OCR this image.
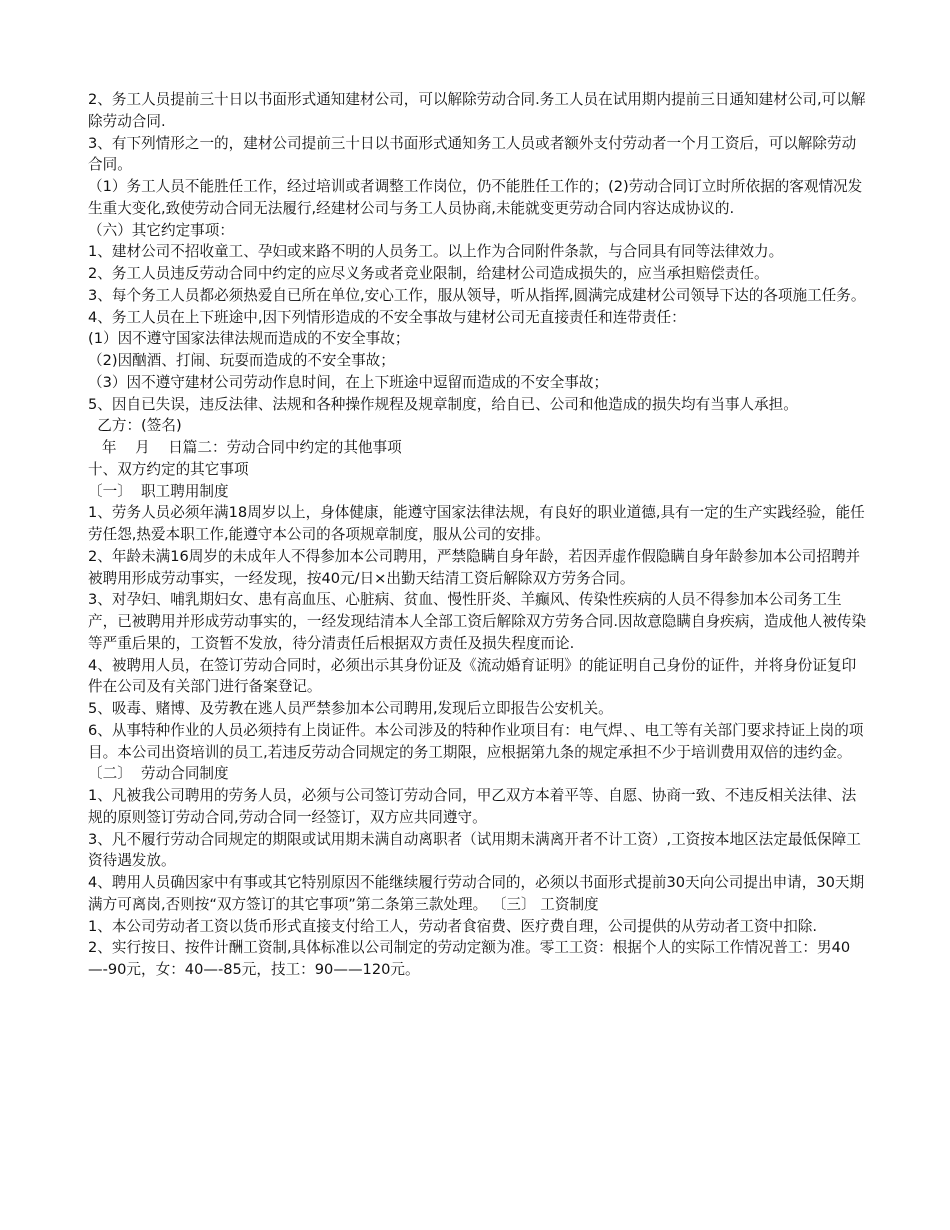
2、务工人员提前三十日以书面形式通知建材公司，可以解除劳动合同.务工人员在试用期内提前三日通知建材公司,可以解除劳动合同.

3、有下列情形之一的，建材公司提前三十日以书面形式通知务工人员或者额外支付劳动者一个月工资后，可以解除劳动合同。

（1）务工人员不能胜任工作，经过培训或者调整工作岗位，仍不能胜任工作的；(2)劳动合同订立时所依据的客观情况发生重大变化,致使劳动合同无法履行,经建材公司与务工人员协商,未能就变更劳动合同内容达成协议的.

（六）其它约定事项：

1、建材公司不招收童工、孕妇或来路不明的人员务工。以上作为合同附件条款，与合同具有同等法律效力。

2、务工人员违反劳动合同中约定的应尽义务或者竞业限制，给建材公司造成损失的，应当承担赔偿责任。

3、每个务工人员都必须热爱自已所在单位,安心工作，服从领导，听从指挥,圆满完成建材公司领导下达的各项施工任务。

4、务工人员在上下班途中,因下列情形造成的不安全事故与建材公司无直接责任和连带责任：

(1）因不遵守国家法律法规而造成的不安全事故；

（2)因酗酒、打闹、玩耍而造成的不安全事故；

（3）因不遵守建材公司劳动作息时间，在上下班途中逗留而造成的不安全事故；

5、因自已失误，违反法律、法规和各种操作规程及规章制度，给自已、公司和他造成的损失均有当事人承担。

乙方：(签名)

年    月    日篇二：劳动合同中约定的其他事项

十、双方约定的其它事项

〔一〕  职工聘用制度

1、劳务人员必须年满18周岁以上，身体健康，能遵守国家法律法规，有良好的职业道德,具有一定的生产实践经验，能任劳任怨,热爱本职工作,能遵守本公司的各项规章制度，服从公司的安排。

2、年龄未满16周岁的未成年人不得参加本公司聘用，严禁隐瞒自身年龄，若因弄虚作假隐瞒自身年龄参加本公司招聘并被聘用形成劳动事实，一经发现，按40元/日×出勤天结清工资后解除双方劳务合同。

3、对孕妇、哺乳期妇女、患有高血压、心脏病、贫血、慢性肝炎、羊癫风、传染性疾病的人员不得参加本公司务工生产，已被聘用并形成劳动事实的，一经发现结清本人全部工资后解除双方劳务合同.因故意隐瞒自身疾病，造成他人被传染等严重后果的，工资暂不发放，待分清责任后根据双方责任及损失程度而论.

4、被聘用人员，在签订劳动合同时，必须出示其身份证及《流动婚育证明》的能证明自己身份的证件，并将身份证复印件在公司及有关部门进行备案登记。

5、吸毒、赌博、及劳教在逃人员严禁参加本公司聘用,发现后立即报告公安机关。

6、从事特种作业的人员必须持有上岗证件。本公司涉及的特种作业项目有：电气焊、、电工等有关部门要求持证上岗的项目。本公司出资培训的员工,若违反劳动合同规定的务工期限，应根据第九条的规定承担不少于培训费用双倍的违约金。

〔二〕  劳动合同制度

1、凡被我公司聘用的劳务人员，必须与公司签订劳动合同，甲乙双方本着平等、自愿、协商一致、不违反相关法律、法规的原则签订劳动合同,劳动合同一经签订，双方应共同遵守。

3、凡不履行劳动合同规定的期限或试用期未满自动离职者（试用期未满离开者不计工资）,工资按本地区法定最低保障工资待遇发放。

4、聘用人员确因家中有事或其它特别原因不能继续履行劳动合同的，必须以书面形式提前30天向公司提出申请，30天期满方可离岗,否则按“双方签订的其它事项”第二条第三款处理。 〔三〕 工资制度

1、本公司劳动者工资以货币形式直接支付给工人，劳动者食宿费、医疗费自理，公司提供的从劳动者工资中扣除.

2、实行按日、按件计酬工资制,具体标准以公司制定的劳动定额为准。零工工资：根据个人的实际工作情况普工：男40—-90元，女：40—-85元，技工：90——120元。
